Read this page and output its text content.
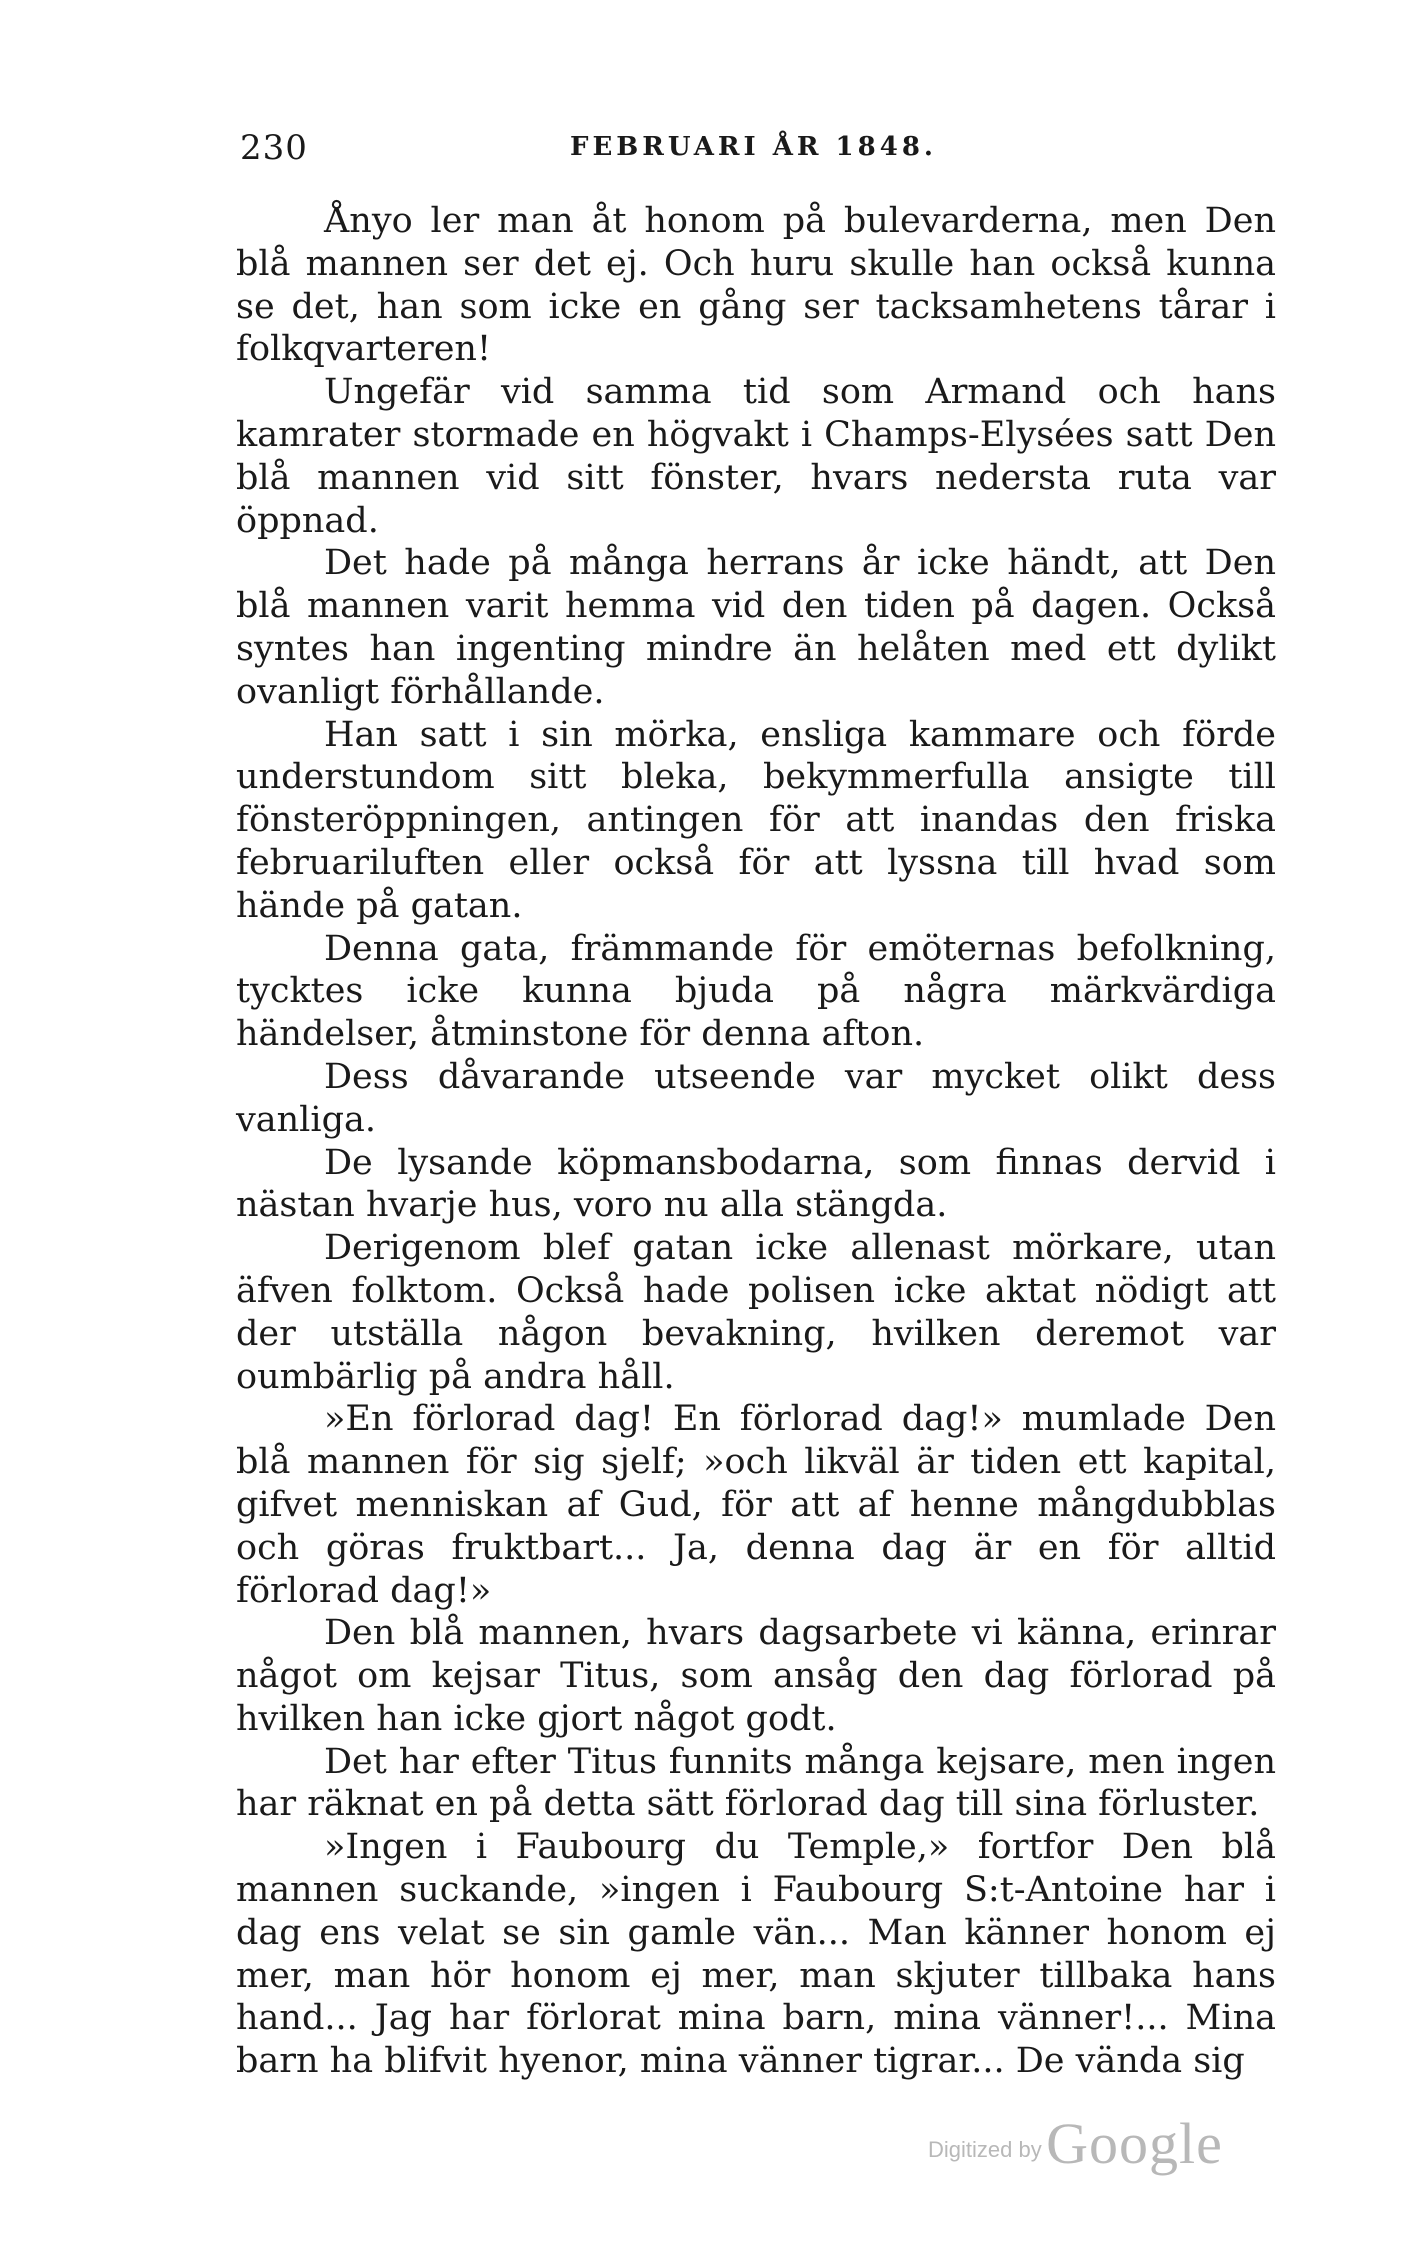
230	FEBRUARI ÅR 1848.

Ånyo ler man åt honom på bulevarderna, men Den blå mannen ser det ej. Och huru skulle han också kunna se det, han som icke en gång ser tacksamhetens tårar i folkqvarteren!

Ungefär vid samma tid som Armand och hans kamrater stormade en högvakt i Champs-Elysées satt Den blå mannen vid sitt fönster, hvars nedersta ruta var öppnad.

Det hade på många herrans år icke händt, att Den blå mannen varit hemma vid den tiden på dagen. Också syntes han ingenting mindre än helåten med ett dylikt ovanligt förhållande.

Han satt i sin mörka, ensliga kammare och förde understundom sitt bleka, bekymmerfulla ansigte till fönsteröppningen, antingen för att inandas den friska februariluften eller också för att lyssna till hvad som hände på gatan.

Denna gata, främmande för emöternas befolkning, tycktes icke kunna bjuda på några märkvärdiga händelser, åtminstone för denna afton.

Dess dåvarande utseende var mycket olikt dess vanliga.

De lysande köpmansbodarna, som finnas dervid i nästan hvarje hus, voro nu alla stängda.

Derigenom blef gatan icke allenast mörkare, utan äfven folktom. Också hade polisen icke aktat nödigt att der utställa någon bevakning, hvilken deremot var oumbärlig på andra håll.

»En förlorad dag! En förlorad dag!» mumlade Den blå mannen för sig sjelf; »och likväl är tiden ett kapital, gifvet menniskan af Gud, för att af henne mångdubblas och göras fruktbart... Ja, denna dag är en för alltid förlorad dag!»

Den blå mannen, hvars dagsarbete vi känna, erinrar något om kejsar Titus, som ansåg den dag förlorad på hvilken han icke gjort något godt.

Det har efter Titus funnits många kejsare, men ingen har räknat en på detta sätt förlorad dag till sina förluster.

»Ingen i Faubourg du Temple,» fortfor Den blå mannen suckande, »ingen i Faubourg S:t-Antoine har i dag ens velat se sin gamle vän... Man känner honom ej mer, man hör honom ej mer, man skjuter tillbaka hans hand... Jag har förlorat mina barn, mina vänner!... Mina barn ha blifvit hyenor, mina vänner tigrar... De vända sig

Digitized by Google
